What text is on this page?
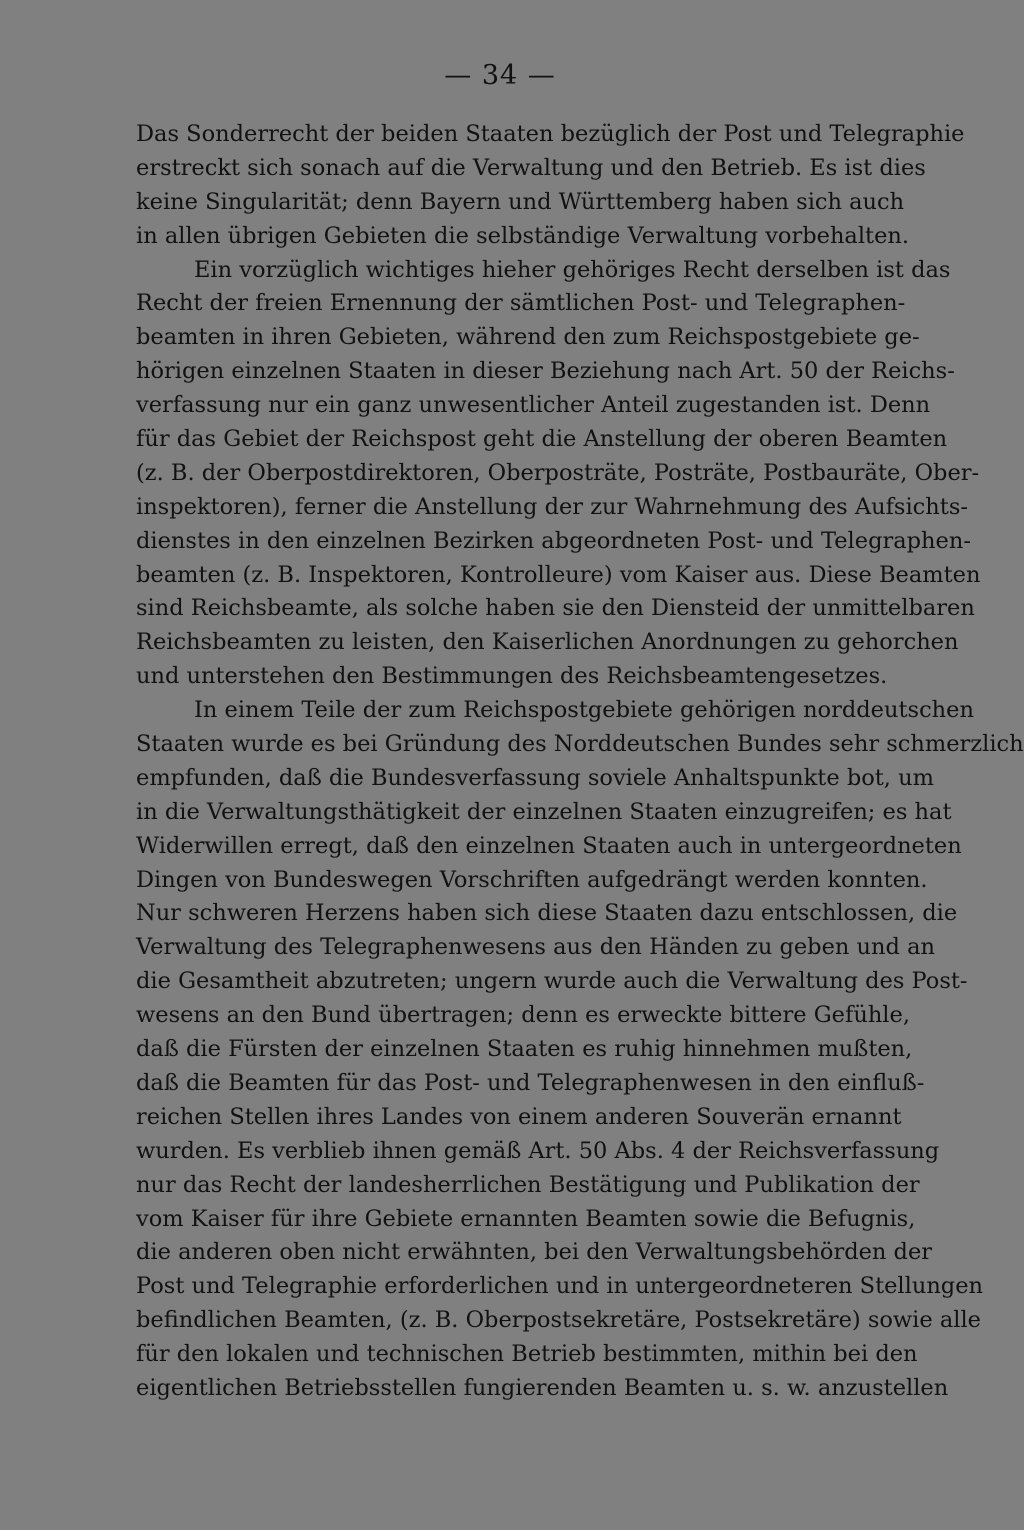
— 34 —
Das Sonderrecht der beiden Staaten bezüglich der Post und Telegraphie
erstreckt sich sonach auf die Verwaltung und den Betrieb. Es ist dies
keine Singularität; denn Bayern und Württemberg haben sich auch
in allen übrigen Gebieten die selbständige Verwaltung vorbehalten.
Ein vorzüglich wichtiges hieher gehöriges Recht derselben ist das
Recht der freien Ernennung der sämtlichen Post- und Telegraphen-
beamten in ihren Gebieten, während den zum Reichspostgebiete ge-
hörigen einzelnen Staaten in dieser Beziehung nach Art. 50 der Reichs-
verfassung nur ein ganz unwesentlicher Anteil zugestanden ist. Denn
für das Gebiet der Reichspost geht die Anstellung der oberen Beamten
(z. B. der Oberpostdirektoren, Oberposträte, Posträte, Postbauräte, Ober-
inspektoren), ferner die Anstellung der zur Wahrnehmung des Aufsichts-
dienstes in den einzelnen Bezirken abgeordneten Post- und Telegraphen-
beamten (z. B. Inspektoren, Kontrolleure) vom Kaiser aus. Diese Beamten
sind Reichsbeamte, als solche haben sie den Diensteid der unmittelbaren
Reichsbeamten zu leisten, den Kaiserlichen Anordnungen zu gehorchen
und unterstehen den Bestimmungen des Reichsbeamtengesetzes.
In einem Teile der zum Reichspostgebiete gehörigen norddeutschen
Staaten wurde es bei Gründung des Norddeutschen Bundes sehr schmerzlich
empfunden, daß die Bundesverfassung soviele Anhaltspunkte bot, um
in die Verwaltungsthätigkeit der einzelnen Staaten einzugreifen; es hat
Widerwillen erregt, daß den einzelnen Staaten auch in untergeordneten
Dingen von Bundeswegen Vorschriften aufgedrängt werden konnten.
Nur schweren Herzens haben sich diese Staaten dazu entschlossen, die
Verwaltung des Telegraphenwesens aus den Händen zu geben und an
die Gesamtheit abzutreten; ungern wurde auch die Verwaltung des Post-
wesens an den Bund übertragen; denn es erweckte bittere Gefühle,
daß die Fürsten der einzelnen Staaten es ruhig hinnehmen mußten,
daß die Beamten für das Post- und Telegraphenwesen in den einfluß-
reichen Stellen ihres Landes von einem anderen Souverän ernannt
wurden. Es verblieb ihnen gemäß Art. 50 Abs. 4 der Reichsverfassung
nur das Recht der landesherrlichen Bestätigung und Publikation der
vom Kaiser für ihre Gebiete ernannten Beamten sowie die Befugnis,
die anderen oben nicht erwähnten, bei den Verwaltungsbehörden der
Post und Telegraphie erforderlichen und in untergeordneteren Stellungen
befindlichen Beamten, (z. B. Oberpostsekretäre, Postsekretäre) sowie alle
für den lokalen und technischen Betrieb bestimmten, mithin bei den
eigentlichen Betriebsstellen fungierenden Beamten u. s. w. anzustellen
